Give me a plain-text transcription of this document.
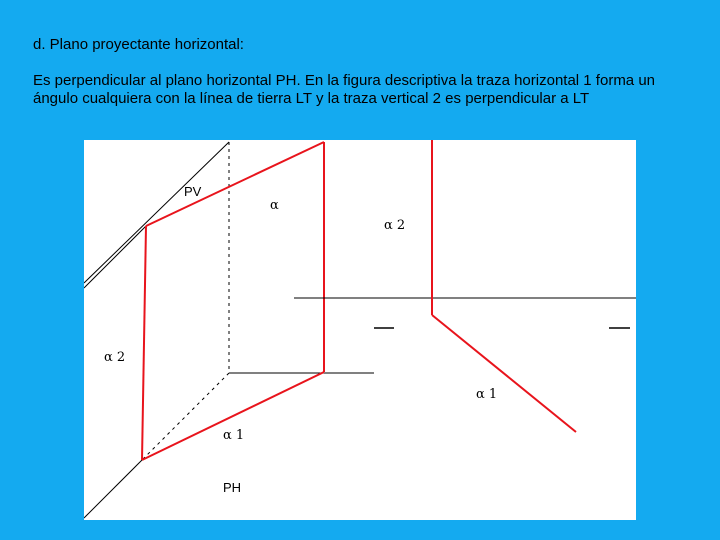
d. Plano proyectante horizontal:
Es perpendicular al plano horizontal PH. En la figura descriptiva la traza horizontal 1 forma un ángulo cualquiera con la línea de tierra LT y la traza vertical 2 es perpendicular a LT
PV
α
α 2
α 1
PH
α 2
α 1
